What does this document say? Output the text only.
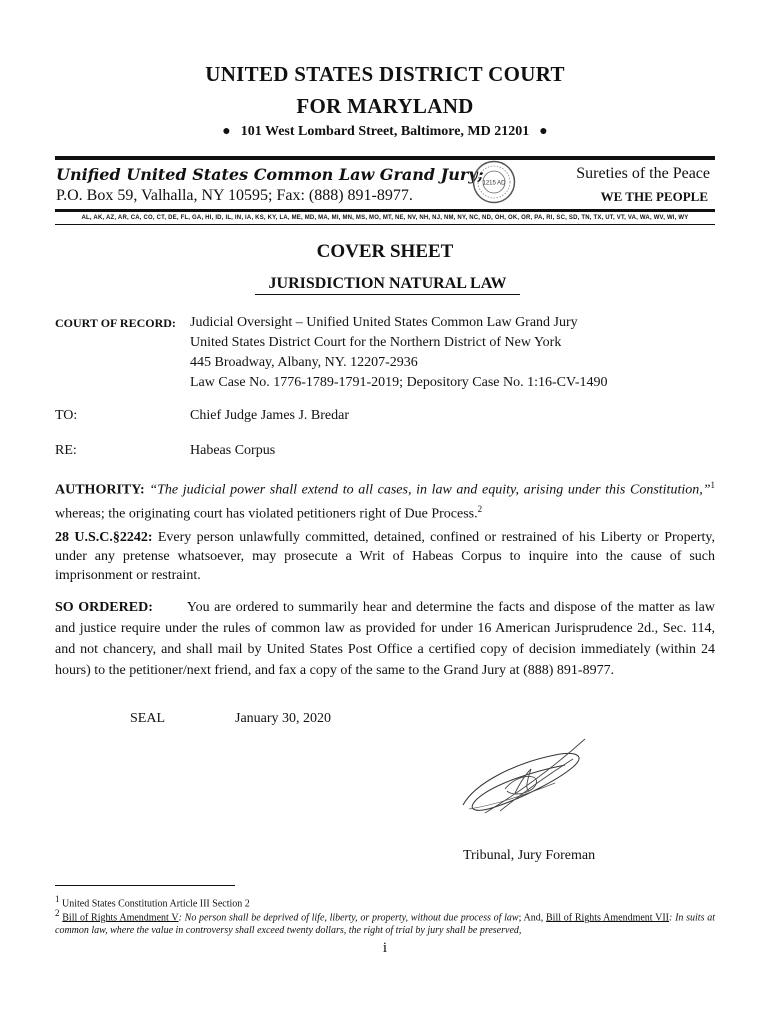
UNITED STATES DISTRICT COURT
FOR MARYLAND
● 101 West Lombard Street, Baltimore, MD 21201 ●
Unified United States Common Law Grand Jury;
P.O. Box 59, Valhalla, NY 10595; Fax: (888) 891-8977.
1215 AD
Sureties of the Peace
WE THE PEOPLE
AL, AK, AZ, AR, CA, CO, CT, DE, FL, GA, HI, ID, IL, IN, IA, KS, KY, LA, ME, MD, MA, MI, MN, MS, MO, MT, NE, NV, NH, NJ, NM, NY, NC, ND, OH, OK, OR, PA, RI, SC, SD, TN, TX, UT, VT, VA, WA, WV, WI, WY
COVER SHEET
JURISDICTION NATURAL LAW
COURT OF RECORD: Judicial Oversight – Unified United States Common Law Grand Jury
United States District Court for the Northern District of New York
445 Broadway, Albany, NY. 12207-2936
Law Case No. 1776-1789-1791-2019; Depository Case No. 1:16-CV-1490
TO:	Chief Judge James J. Bredar
RE:	Habeas Corpus
AUTHORITY: “The judicial power shall extend to all cases, in law and equity, arising under this Constitution,”$^1$ whereas; the originating court has violated petitioners right of Due Process.$^2$
28 U.S.C.§2242: Every person unlawfully committed, detained, confined or restrained of his Liberty or Property, under any pretense whatsoever, may prosecute a Writ of Habeas Corpus to inquire into the cause of such imprisonment or restraint.
SO ORDERED: You are ordered to summarily hear and determine the facts and dispose of the matter as law and justice require under the rules of common law as provided for under 16 American Jurisprudence 2d., Sec. 114, and not chancery, and shall mail by United States Post Office a certified copy of decision immediately (within 24 hours) to the petitioner/next friend, and fax a copy of the same to the Grand Jury at (888) 891-8977.
SEAL	January 30, 2020
Tribunal, Jury Foreman
$^1$ United States Constitution Article III Section 2
$^2$ Bill of Rights Amendment V: No person shall be deprived of life, liberty, or property, without due process of law; And, Bill of Rights Amendment VII: In suits at common law, where the value in controversy shall exceed twenty dollars, the right of trial by jury shall be preserved,
i
